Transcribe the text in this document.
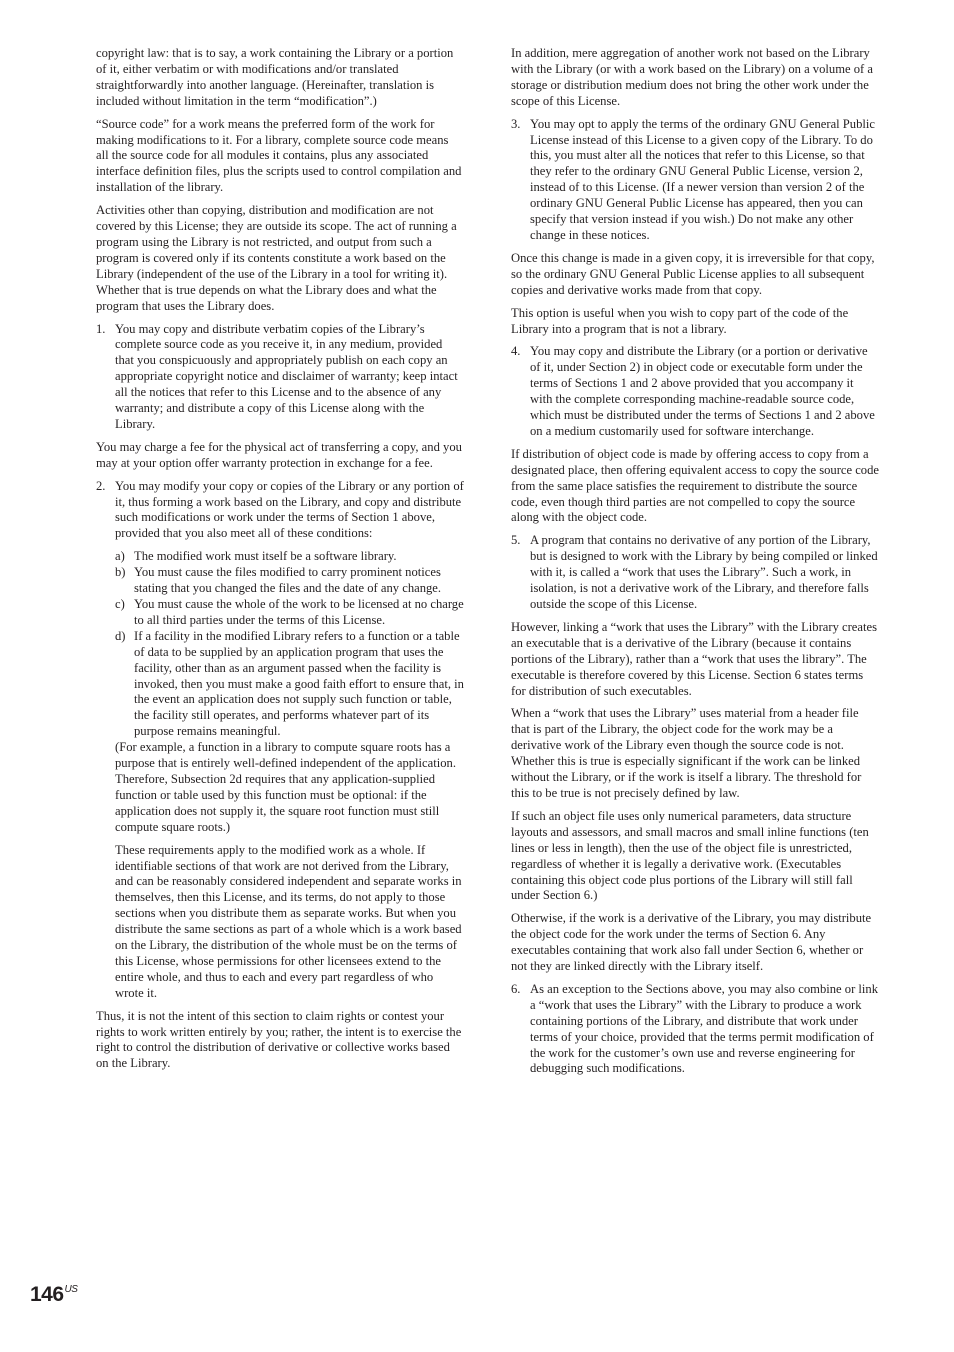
copyright law: that is to say, a work containing the Library or a portion of it, either verbatim or with modifications and/or translated straightforwardly into another language. (Hereinafter, translation is included without limitation in the term “modification”.)

“Source code” for a work means the preferred form of the work for making modifications to it. For a library, complete source code means all the source code for all modules it contains, plus any associated interface definition files, plus the scripts used to control compilation and installation of the library.

Activities other than copying, distribution and modification are not covered by this License; they are outside its scope. The act of running a program using the Library is not restricted, and output from such a program is covered only if its contents constitute a work based on the Library (independent of the use of the Library in a tool for writing it). Whether that is true depends on what the Library does and what the program that uses the Library does.

1. You may copy and distribute verbatim copies of the Library’s complete source code as you receive it, in any medium, provided that you conspicuously and appropriately publish on each copy an appropriate copyright notice and disclaimer of warranty; keep intact all the notices that refer to this License and to the absence of any warranty; and distribute a copy of this License along with the Library.

You may charge a fee for the physical act of transferring a copy, and you may at your option offer warranty protection in exchange for a fee.

2. You may modify your copy or copies of the Library or any portion of it, thus forming a work based on the Library, and copy and distribute such modifications or work under the terms of Section 1 above, provided that you also meet all of these conditions:
a) The modified work must itself be a software library.
b) You must cause the files modified to carry prominent notices stating that you changed the files and the date of any change.
c) You must cause the whole of the work to be licensed at no charge to all third parties under the terms of this License.
d) If a facility in the modified Library refers to a function or a table of data to be supplied by an application program that uses the facility, other than as an argument passed when the facility is invoked, then you must make a good faith effort to ensure that, in the event an application does not supply such function or table, the facility still operates, and performs whatever part of its purpose remains meaningful.

(For example, a function in a library to compute square roots has a purpose that is entirely well-defined independent of the application. Therefore, Subsection 2d requires that any application-supplied function or table used by this function must be optional: if the application does not supply it, the square root function must still compute square roots.)

These requirements apply to the modified work as a whole. If identifiable sections of that work are not derived from the Library, and can be reasonably considered independent and separate works in themselves, then this License, and its terms, do not apply to those sections when you distribute them as separate works. But when you distribute the same sections as part of a whole which is a work based on the Library, the distribution of the whole must be on the terms of this License, whose permissions for other licensees extend to the entire whole, and thus to each and every part regardless of who wrote it.

Thus, it is not the intent of this section to claim rights or contest your rights to work written entirely by you; rather, the intent is to exercise the right to control the distribution of derivative or collective works based on the Library.

In addition, mere aggregation of another work not based on the Library with the Library (or with a work based on the Library) on a volume of a storage or distribution medium does not bring the other work under the scope of this License.

3. You may opt to apply the terms of the ordinary GNU General Public License instead of this License to a given copy of the Library. To do this, you must alter all the notices that refer to this License, so that they refer to the ordinary GNU General Public License, version 2, instead of to this License. (If a newer version than version 2 of the ordinary GNU General Public License has appeared, then you can specify that version instead if you wish.) Do not make any other change in these notices.

Once this change is made in a given copy, it is irreversible for that copy, so the ordinary GNU General Public License applies to all subsequent copies and derivative works made from that copy.

This option is useful when you wish to copy part of the code of the Library into a program that is not a library.

4. You may copy and distribute the Library (or a portion or derivative of it, under Section 2) in object code or executable form under the terms of Sections 1 and 2 above provided that you accompany it with the complete corresponding machine-readable source code, which must be distributed under the terms of Sections 1 and 2 above on a medium customarily used for software interchange.

If distribution of object code is made by offering access to copy from a designated place, then offering equivalent access to copy the source code from the same place satisfies the requirement to distribute the source code, even though third parties are not compelled to copy the source along with the object code.

5. A program that contains no derivative of any portion of the Library, but is designed to work with the Library by being compiled or linked with it, is called a “work that uses the Library”. Such a work, in isolation, is not a derivative work of the Library, and therefore falls outside the scope of this License.

However, linking a “work that uses the Library” with the Library creates an executable that is a derivative of the Library (because it contains portions of the Library), rather than a “work that uses the library”. The executable is therefore covered by this License. Section 6 states terms for distribution of such executables.

When a “work that uses the Library” uses material from a header file that is part of the Library, the object code for the work may be a derivative work of the Library even though the source code is not. Whether this is true is especially significant if the work can be linked without the Library, or if the work is itself a library. The threshold for this to be true is not precisely defined by law.

If such an object file uses only numerical parameters, data structure layouts and assessors, and small macros and small inline functions (ten lines or less in length), then the use of the object file is unrestricted, regardless of whether it is legally a derivative work. (Executables containing this object code plus portions of the Library will still fall under Section 6.)

Otherwise, if the work is a derivative of the Library, you may distribute the object code for the work under the terms of Section 6. Any executables containing that work also fall under Section 6, whether or not they are linked directly with the Library itself.

6. As an exception to the Sections above, you may also combine or link a “work that uses the Library” with the Library to produce a work containing portions of the Library, and distribute that work under terms of your choice, provided that the terms permit modification of the work for the customer’s own use and reverse engineering for debugging such modifications.
$146^{US}$
